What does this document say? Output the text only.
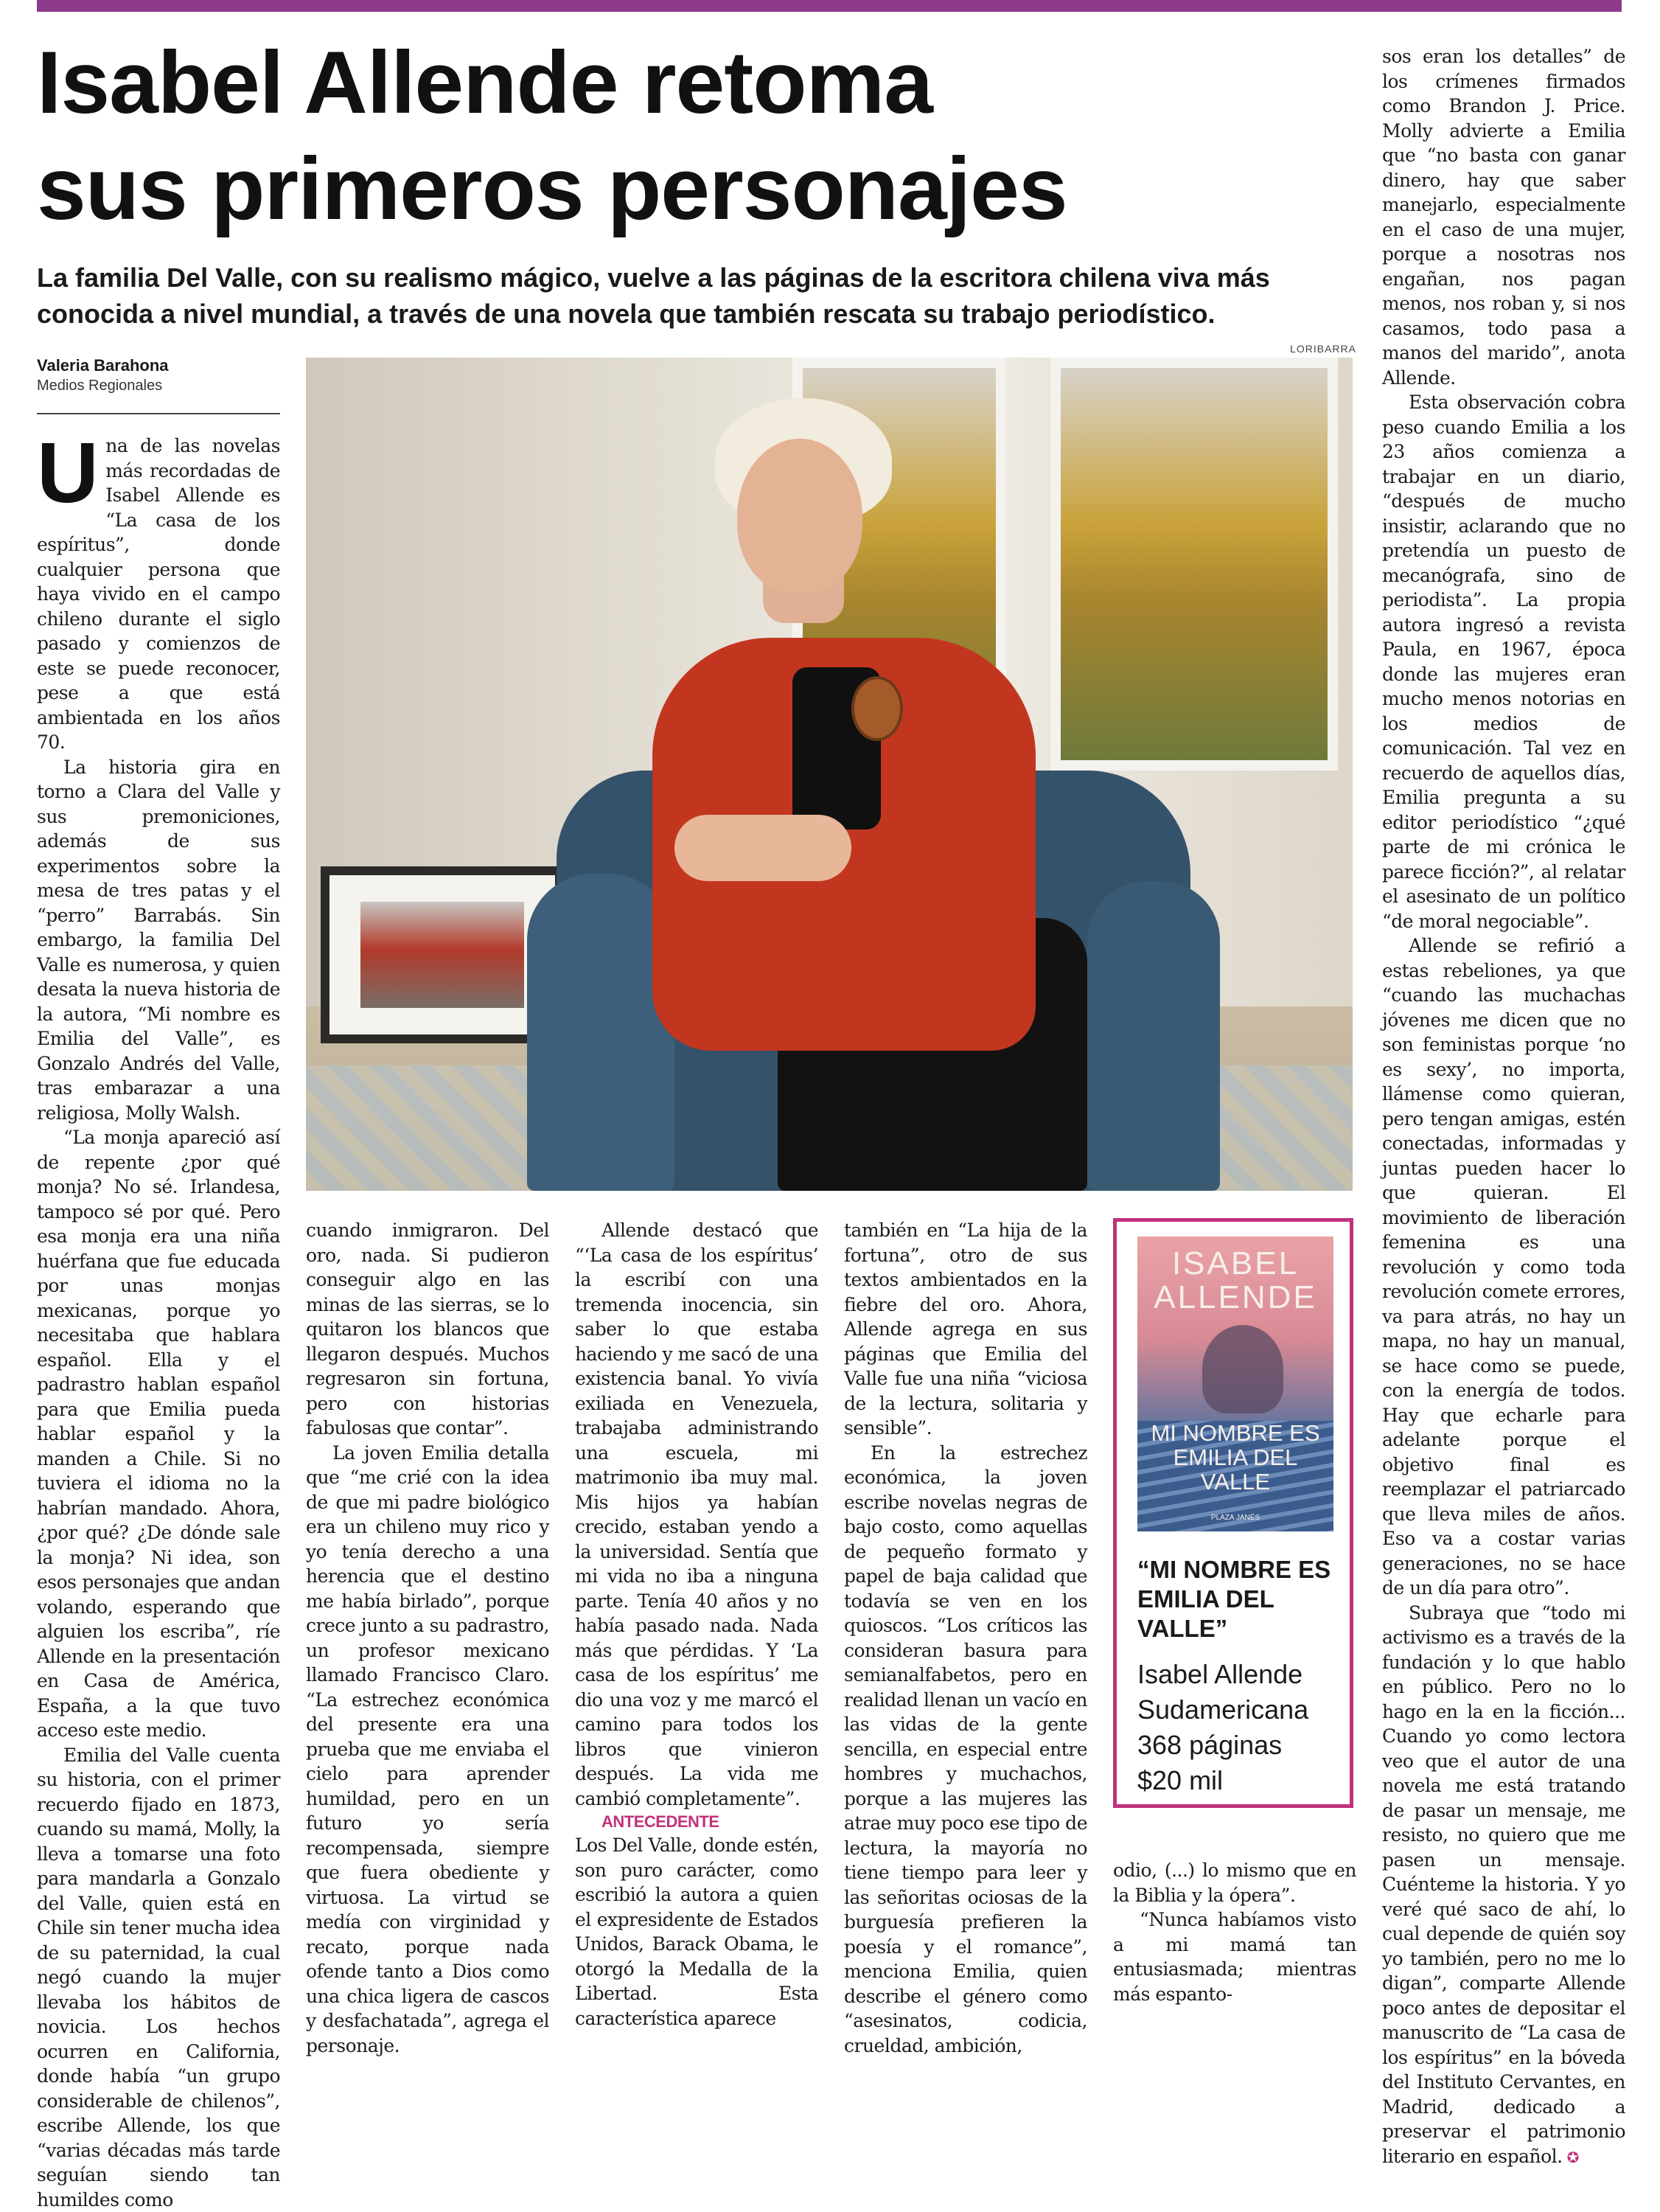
Isabel Allende retoma
sus primeros personajes

La familia Del Valle, con su realismo mágico, vuelve a las páginas de la escritora chilena viva más conocida a nivel mundial, a través de una novela que también rescata su trabajo periodístico.

Valeria Barahona
Medios Regionales
LORIBARRA

Una de las novelas más recordadas de Isabel Allende es “La casa de los espíritus”, donde cualquier persona que haya vivido en el campo chileno durante el siglo pasado y comienzos de este se puede reconocer, pese a que está ambientada en los años 70.

La historia gira en torno a Clara del Valle y sus premoniciones, además de sus experimentos sobre la mesa de tres patas y el “perro” Barrabás. Sin embargo, la familia Del Valle es numerosa, y quien desata la nueva historia de la autora, “Mi nombre es Emilia del Valle”, es Gonzalo Andrés del Valle, tras embarazar a una religiosa, Molly Walsh.

“La monja apareció así de repente ¿por qué monja? No sé. Irlandesa, tampoco sé por qué. Pero esa monja era una niña huérfana que fue educada por unas monjas mexicanas, porque yo necesitaba que hablara español. Ella y el padrastro hablan español para que Emilia pueda hablar español y la manden a Chile. Si no tuviera el idioma no la habrían mandado. Ahora, ¿por qué? ¿De dónde sale la monja? Ni idea, son esos personajes que andan volando, esperando que alguien los escriba”, ríe Allende en la presentación en Casa de América, España, a la que tuvo acceso este medio.

Emilia del Valle cuenta su historia, con el primer recuerdo fijado en 1873, cuando su mamá, Molly, la lleva a tomarse una foto para mandarla a Gonzalo del Valle, quien está en Chile sin tener mucha idea de su paternidad, la cual negó cuando la mujer llevaba los hábitos de novicia. Los hechos ocurren en California, donde había “un grupo considerable de chilenos”, escribe Allende, los que “varias décadas más tarde seguían siendo tan humildes como

cuando inmigraron. Del oro, nada. Si pudieron conseguir algo en las minas de las sierras, se lo quitaron los blancos que llegaron después. Muchos regresaron sin fortuna, pero con historias fabulosas que contar”.

La joven Emilia detalla que “me crié con la idea de que mi padre biológico era un chileno muy rico y yo tenía derecho a una herencia que el destino me había birlado”, porque crece junto a su padrastro, un profesor mexicano llamado Francisco Claro. “La estrechez económica del presente era una prueba que me enviaba el cielo para aprender humildad, pero en un futuro yo sería recompensada, siempre que fuera obediente y virtuosa. La virtud se medía con virginidad y recato, porque nada ofende tanto a Dios como una chica ligera de cascos y desfachatada”, agrega el personaje.

Allende destacó que “‘La casa de los espíritus’ la escribí con una tremenda inocencia, sin saber lo que estaba haciendo y me sacó de una existencia banal. Yo vivía exiliada en Venezuela, trabajaba administrando una escuela, mi matrimonio iba muy mal. Mis hijos ya habían crecido, estaban yendo a la universidad. Sentía que mi vida no iba a ninguna parte. Tenía 40 años y no había pasado nada. Nada más que pérdidas. Y ‘La casa de los espíritus’ me dio una voz y me marcó el camino para todos los libros que vinieron después. La vida me cambió completamente”.

ANTECEDENTE

Los Del Valle, donde estén, son puro carácter, como escribió la autora a quien el expresidente de Estados Unidos, Barack Obama, le otorgó la Medalla de la Libertad. Esta característica aparece

también en “La hija de la fortuna”, otro de sus textos ambientados en la fiebre del oro. Ahora, Allende agrega en sus páginas que Emilia del Valle fue una niña “viciosa de la lectura, solitaria y sensible”.

En la estrechez económica, la joven escribe novelas negras de bajo costo, como aquellas de pequeño formato y papel de baja calidad que todavía se ven en los quioscos. “Los críticos las consideran basura para semianalfabetos, pero en realidad llenan un vacío en las vidas de la gente sencilla, en especial entre hombres y muchachos, porque a las mujeres las atrae muy poco ese tipo de lectura, la mayoría no tiene tiempo para leer y las señoritas ociosas de la burguesía prefieren la poesía y el romance”, menciona Emilia, quien describe el género como “asesinatos, codicia, crueldad, ambición,

ISABEL ALLENDE
MI NOMBRE ES EMILIA DEL VALLE
PLAZA JANÉS

“MI NOMBRE ES EMILIA DEL VALLE”

Isabel Allende
Sudamericana
368 páginas
$20 mil

odio, (...) lo mismo que en la Biblia y la ópera”.

“Nunca habíamos visto a mi mamá tan entusiasmada; mientras más espanto-

sos eran los detalles” de los crímenes firmados como Brandon J. Price. Molly advierte a Emilia que “no basta con ganar dinero, hay que saber manejarlo, especialmente en el caso de una mujer, porque a nosotras nos engañan, nos pagan menos, nos roban y, si nos casamos, todo pasa a manos del marido”, anota Allende.

Esta observación cobra peso cuando Emilia a los 23 años comienza a trabajar en un diario, “después de mucho insistir, aclarando que no pretendía un puesto de mecanógrafa, sino de periodista”. La propia autora ingresó a revista Paula, en 1967, época donde las mujeres eran mucho menos notorias en los medios de comunicación. Tal vez en recuerdo de aquellos días, Emilia pregunta a su editor periodístico “¿qué parte de mi crónica le parece ficción?”, al relatar el asesinato de un político “de moral negociable”.

Allende se refirió a estas rebeliones, ya que “cuando las muchachas jóvenes me dicen que no son feministas porque ‘no es sexy’, no importa, llámense como quieran, pero tengan amigas, estén conectadas, informadas y juntas pueden hacer lo que quieran. El movimiento de liberación femenina es una revolución y como toda revolución comete errores, va para atrás, no hay un mapa, no hay un manual, se hace como se puede, con la energía de todos. Hay que echarle para adelante porque el objetivo final es reemplazar el patriarcado que lleva miles de años. Eso va a costar varias generaciones, no se hace de un día para otro”.

Subraya que “todo mi activismo es a través de la fundación y lo que hablo en público. Pero no lo hago en la en la ficción... Cuando yo como lectora veo que el autor de una novela me está tratando de pasar un mensaje, me resisto, no quiero que me pasen un mensaje. Cuénteme la historia. Y yo veré qué saco de ahí, lo cual depende de quién soy yo también, pero no me lo digan”, comparte Allende poco antes de depositar el manuscrito de “La casa de los espíritus” en la bóveda del Instituto Cervantes, en Madrid, dedicado a preservar el patrimonio literario en español. ✪
